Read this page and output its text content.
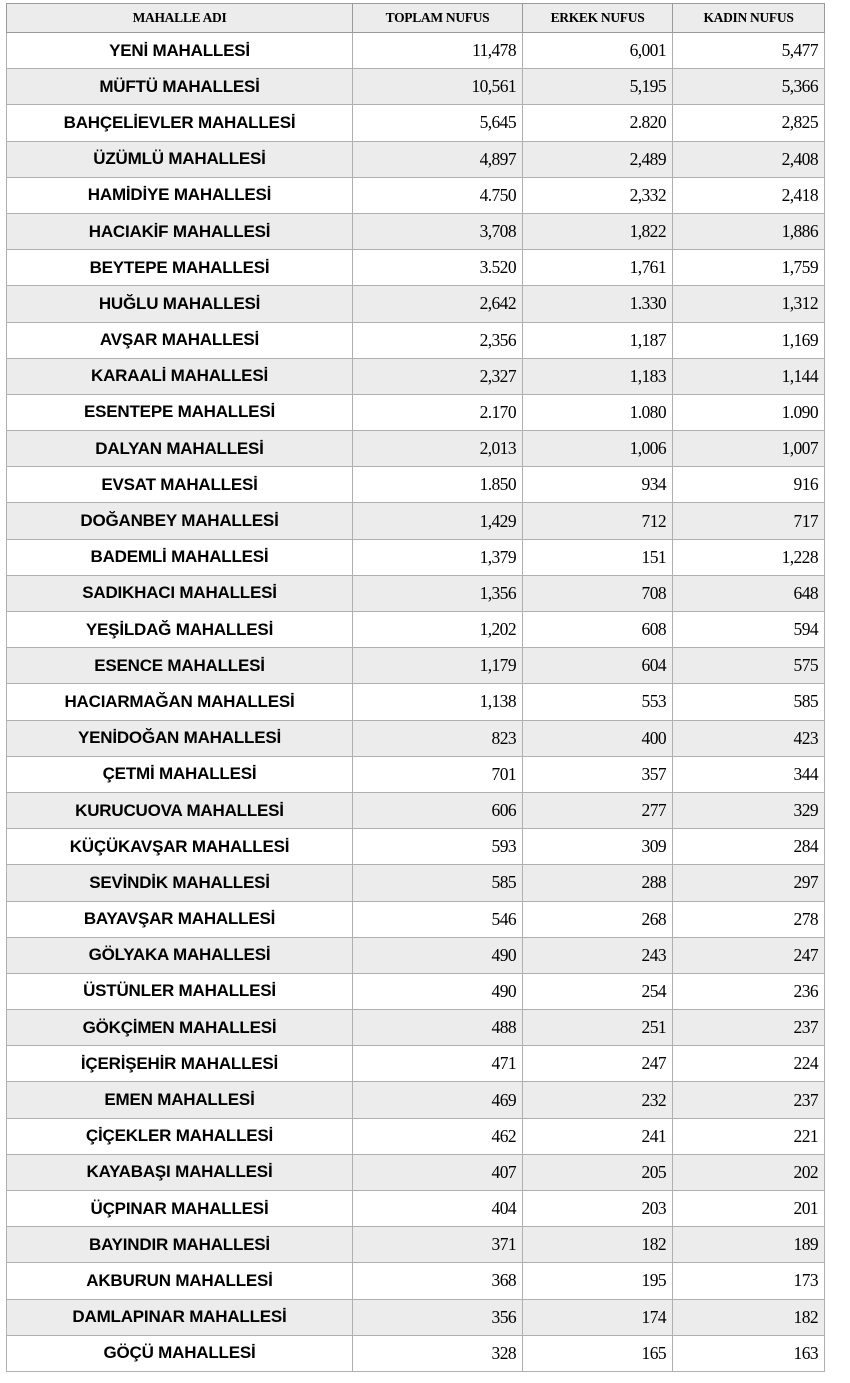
MAHALLE ADI	TOPLAM NUFUS	ERKEK NUFUS	KADIN NUFUS
YENİ MAHALLESİ	11,478	6,001	5,477
MÜFTÜ MAHALLESİ	10,561	5,195	5,366
BAHÇELİEVLER MAHALLESİ	5,645	2.820	2,825
ÜZÜMLÜ MAHALLESİ	4,897	2,489	2,408
HAMİDİYE MAHALLESİ	4.750	2,332	2,418
HACIAKİF MAHALLESİ	3,708	1,822	1,886
BEYTEPE MAHALLESİ	3.520	1,761	1,759
HUĞLU MAHALLESİ	2,642	1.330	1,312
AVŞAR MAHALLESİ	2,356	1,187	1,169
KARAALİ MAHALLESİ	2,327	1,183	1,144
ESENTEPE MAHALLESİ	2.170	1.080	1.090
DALYAN MAHALLESİ	2,013	1,006	1,007
EVSAT MAHALLESİ	1.850	934	916
DOĞANBEY MAHALLESİ	1,429	712	717
BADEMLİ MAHALLESİ	1,379	151	1,228
SADIKHACI MAHALLESİ	1,356	708	648
YEŞİLDAĞ MAHALLESİ	1,202	608	594
ESENCE MAHALLESİ	1,179	604	575
HACIARMAĞAN MAHALLESİ	1,138	553	585
YENİDOĞAN MAHALLESİ	823	400	423
ÇETMİ MAHALLESİ	701	357	344
KURUCUOVA MAHALLESİ	606	277	329
KÜÇÜKAVŞAR MAHALLESİ	593	309	284
SEVİNDİK MAHALLESİ	585	288	297
BAYAVŞAR MAHALLESİ	546	268	278
GÖLYAKA MAHALLESİ	490	243	247
ÜSTÜNLER MAHALLESİ	490	254	236
GÖKÇİMEN MAHALLESİ	488	251	237
İÇERİŞEHİR MAHALLESİ	471	247	224
EMEN MAHALLESİ	469	232	237
ÇİÇEKLER MAHALLESİ	462	241	221
KAYABAŞI MAHALLESİ	407	205	202
ÜÇPINAR MAHALLESİ	404	203	201
BAYINDIR MAHALLESİ	371	182	189
AKBURUN MAHALLESİ	368	195	173
DAMLAPINAR MAHALLESİ	356	174	182
GÖÇÜ MAHALLESİ	328	165	163
